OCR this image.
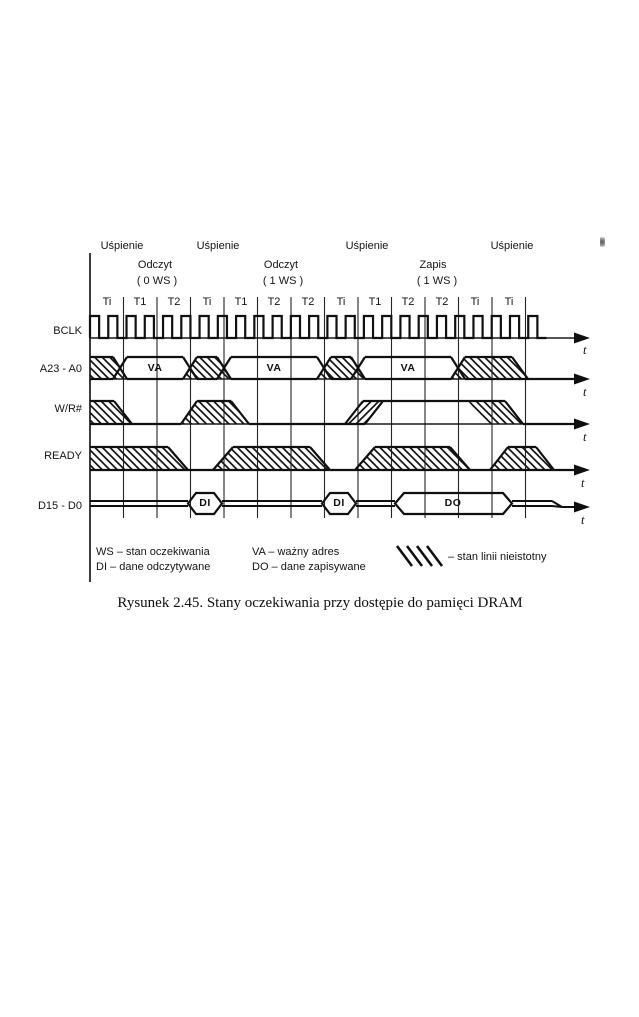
Uśpienie	Uśpienie	Uśpienie	Uśpienie
Odczyt
( 0 WS )
Odczyt
( 1 WS )
Zapis
( 1 WS )
Ti T1 T2 Ti T1 T2 T2 Ti T1 T2 T2 Ti Ti
BCLK
A23 - A0
W/R#
READY
D15 - D0
VA	VA	VA
DI	DI	DO
t
t
t
t
t
WS – stan oczekiwania
DI – dane odczytywane
VA – ważny adres
DO – dane zapisywane
– stan linii nieistotny
Rysunek 2.45. Stany oczekiwania przy dostępie do pamięci DRAM
